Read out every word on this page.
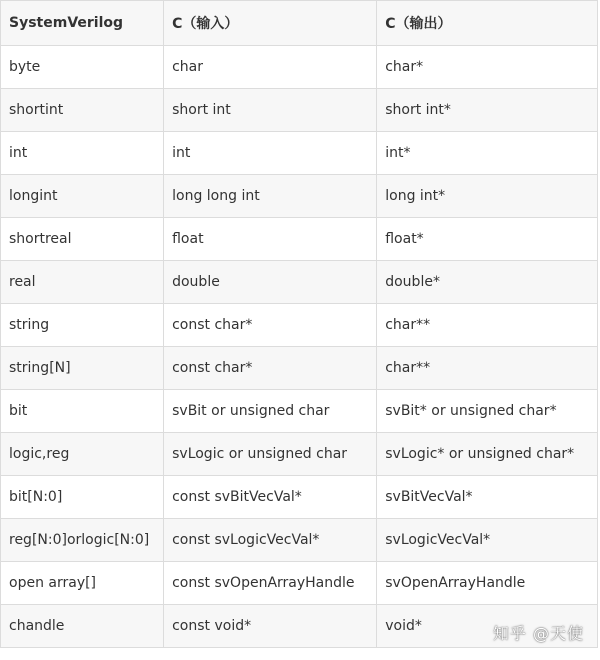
SystemVerilog	C（输入）	C（输出）
byte	char	char*
shortint	short int	short int*
int	int	int*
longint	long long int	long int*
shortreal	float	float*
real	double	double*
string	const char*	char**
string[N]	const char*	char**
bit	svBit or unsigned char	svBit* or unsigned char*
logic,reg	svLogic or unsigned char	svLogic* or unsigned char*
bit[N:0]	const svBitVecVal*	svBitVecVal*
reg[N:0]orlogic[N:0]	const svLogicVecVal*	svLogicVecVal*
open array[]	const svOpenArrayHandle	svOpenArrayHandle
chandle	const void*	void*	知乎 @天使
